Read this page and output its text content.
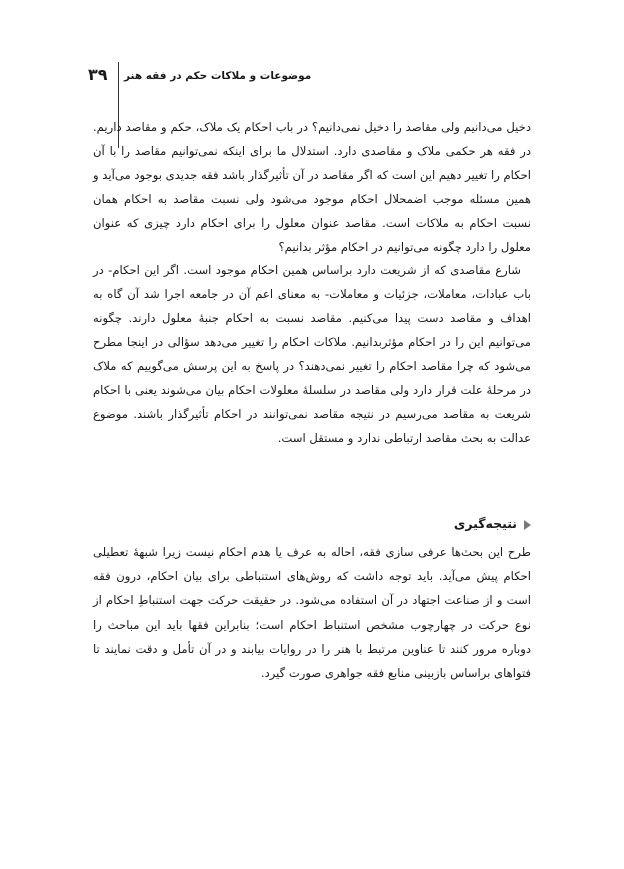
موضوعات و ملاکات حکم در فقه هنر
۳۹

دخیل می‌دانیم ولی مقاصد را دخیل نمی‌دانیم؟ در باب احکام یک ملاک، حکم و مقاصد داریم. در فقه هر حکمی ملاک و مقاصدی دارد. استدلال ما برای اینکه نمی‌توانیم مقاصد را با آن احکام را تغییر دهیم این است که اگر مقاصد در آن تأثیرگذار باشد فقه جدیدی بوجود می‌آید و همین مسئله موجب اضمحلال احکام موجود می‌شود ولی نسبت مقاصد به احکام همان نسبت احکام به ملاکات است. مقاصد عنوان معلول را برای احکام دارد چیزی که عنوان معلول را دارد چگونه می‌توانیم در احکام مؤثر بدانیم؟

شارع مقاصدی که از شریعت دارد براساس همین احکام موجود است. اگر این احکام- در باب عبادات، معاملات، جزئیات و معاملات- به معنای اعم آن در جامعه اجرا شد آن گاه به اهداف و مقاصد دست پیدا می‌کنیم. مقاصد نسبت به احکام جنبهٔ معلول دارند. چگونه می‌توانیم این را در احکام مؤثربدانیم. ملاکات احکام را تغییر می‌دهد سؤالی در اینجا مطرح می‌شود که چرا مقاصد احکام را تغییر نمی‌دهند؟ در پاسخ به این پرسش می‌گوییم که ملاک در مرحلهٔ علت قرار دارد ولی مقاصد در سلسلهٔ معلولات احکام بیان می‌شوند یعنی با احکام شریعت به مقاصد می‌رسیم در نتیجه مقاصد نمی‌توانند در احکام تأثیرگذار باشند. موضوع عدالت به بحث مقاصد ارتباطی ندارد و مستقل است.

نتیجه‌گیری

طرح این بحث‌ها عرفی سازی فقه، احاله به عرف یا هدم احکام نیست زیرا شبههٔ تعطیلی احکام پیش می‌آید. باید توجه داشت که روش‌های استنباطی برای بیان احکام، درون فقه است و از صناعت اجتهاد در آن استفاده می‌شود. در حقیقت حرکت جهت استنباطِ احکام از نوع حرکت در چهارچوب مشخص استنباط احکام است؛ بنابراین فقها باید این مباحث را دوباره مرور کنند تا عناوین مرتبط با هنر را در روایات بیابند و در آن تأمل و دقت نمایند تا فتواهای براساس بازبینی منابع فقه جواهری صورت گیرد.
